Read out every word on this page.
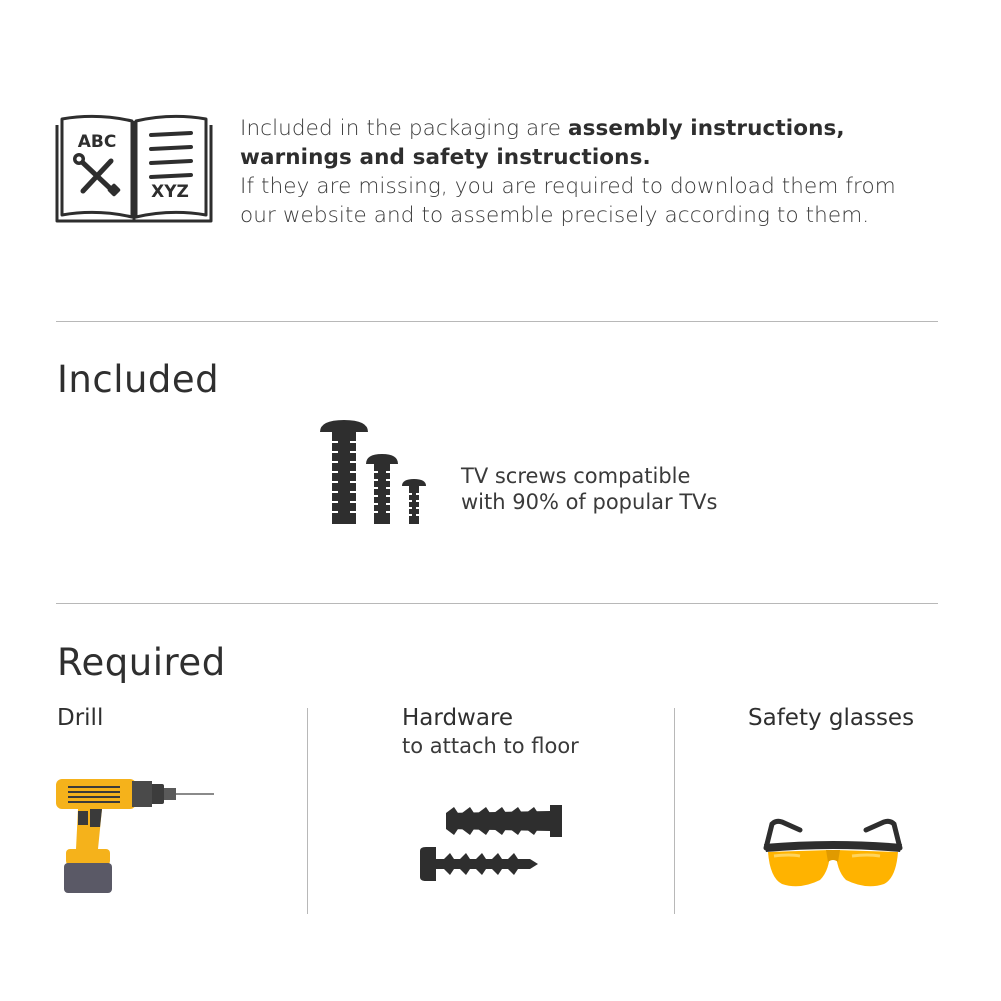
ABC
XYZ
Included in the packaging are assembly instructions,
warnings and safety instructions.
If they are missing, you are required to download them from
our website and to assemble precisely according to them.
Included
TV screws compatible
with 90% of popular TVs
Required
Drill	Hardware
to attach to floor
Safety glasses
